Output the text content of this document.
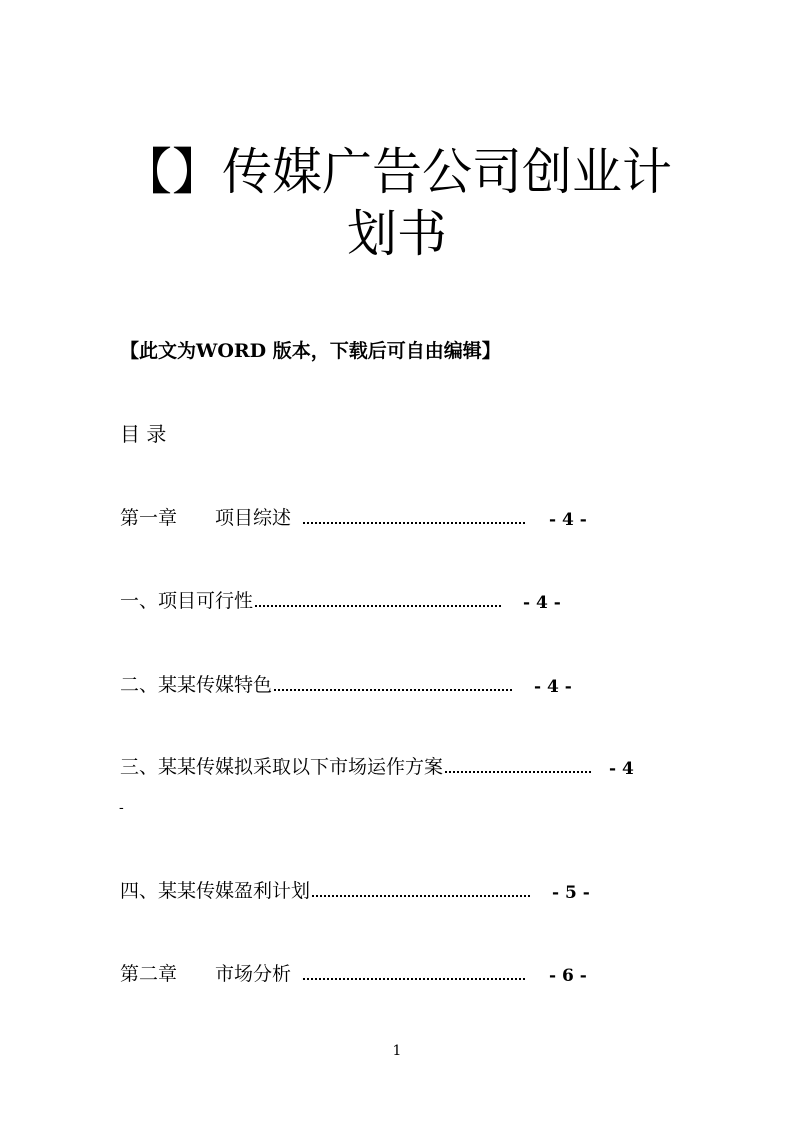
【】传媒广告公司创业计
划书
【此文为WORD 版本，下载后可自由编辑】
目 录
第一章　　项目综述	- 4 -
一、项目可行性	- 4 -
二、某某传媒特色	- 4 -
三、某某传媒拟采取以下市场运作方案	- 4
-
四、某某传媒盈利计划	- 5 -
第二章　　市场分析	- 6 -
1
